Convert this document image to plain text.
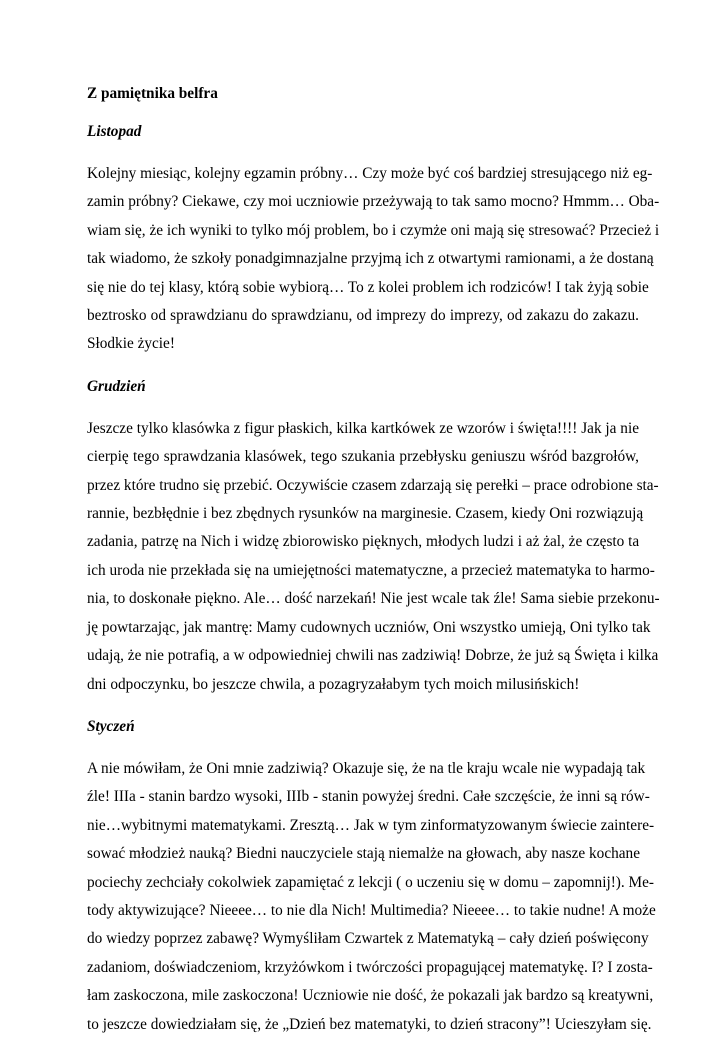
Z pamiętnika belfra
Listopad

Kolejny miesiąc, kolejny egzamin próbny… Czy może być coś bardziej stresującego niż eg-
zamin próbny? Ciekawe, czy moi uczniowie przeżywają to tak samo mocno? Hmmm… Oba-
wiam się, że ich wyniki to tylko mój problem, bo i czymże oni mają się stresować? Przecież i
tak wiadomo, że szkoły ponadgimnazjalne przyjmą ich z otwartymi ramionami, a że dostaną
się nie do tej klasy, którą sobie wybiorą… To z kolei problem ich rodziców! I tak żyją sobie
beztrosko od sprawdzianu do sprawdzianu, od imprezy do imprezy, od zakazu do zakazu.
Słodkie życie!

Grudzień

Jeszcze tylko klasówka z figur płaskich, kilka kartkówek ze wzorów i święta!!!! Jak ja nie
cierpię tego sprawdzania klasówek, tego szukania przebłysku geniuszu wśród bazgrołów,
przez które trudno się przebić. Oczywiście czasem zdarzają się perełki – prace odrobione sta-
rannie, bezbłędnie i bez zbędnych rysunków na marginesie. Czasem, kiedy Oni rozwiązują
zadania, patrzę na Nich i widzę zbiorowisko pięknych, młodych ludzi i aż żal, że często ta
ich uroda nie przekłada się na umiejętności matematyczne, a przecież matematyka to harmo-
nia, to doskonałe piękno. Ale… dość narzekań! Nie jest wcale tak źle! Sama siebie przekonu-
ję powtarzając, jak mantrę: Mamy cudownych uczniów, Oni wszystko umieją, Oni tylko tak
udają, że nie potrafią, a w odpowiedniej chwili nas zadziwią! Dobrze, że już są Święta i kilka
dni odpoczynku, bo jeszcze chwila, a pozagryzałabym tych moich milusińskich!

Styczeń

A nie mówiłam, że Oni mnie zadziwią? Okazuje się, że na tle kraju wcale nie wypadają tak
źle! IIIa - stanin bardzo wysoki, IIIb - stanin powyżej średni. Całe szczęście, że inni są rów-
nie…wybitnymi matematykami. Zresztą… Jak w tym zinformatyzowanym świecie zaintere-
sować młodzież nauką? Biedni nauczyciele stają niemalże na głowach, aby nasze kochane
pociechy zechciały cokolwiek zapamiętać z lekcji ( o uczeniu się w domu – zapomnij!). Me-
tody aktywizujące? Nieeee… to nie dla Nich! Multimedia? Nieeee… to takie nudne! A może
do wiedzy poprzez zabawę? Wymyśliłam Czwartek z Matematyką – cały dzień poświęcony
zadaniom, doświadczeniom, krzyżówkom i twórczości propagującej matematykę. I? I zosta-
łam zaskoczona, mile zaskoczona! Uczniowie nie dość, że pokazali jak bardzo są kreatywni,
to jeszcze dowiedziałam się, że „Dzień bez matematyki, to dzień stracony”! Ucieszyłam się.
